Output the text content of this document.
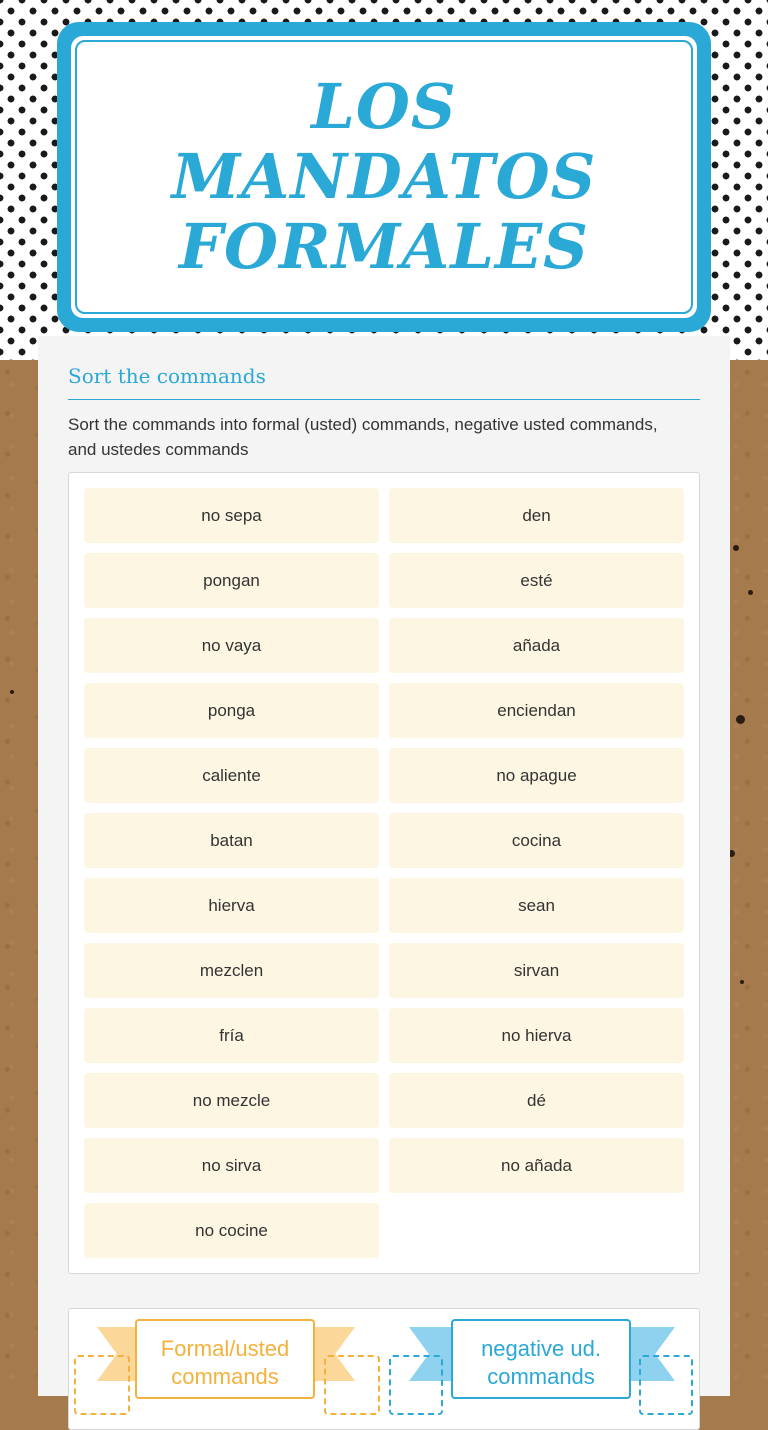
LOS MANDATOS FORMALES
Sort the commands
Sort the commands into formal (usted) commands, negative usted commands, and ustedes commands
no sepa	den
pongan	esté
no vaya	añada
ponga	enciendan
caliente	no apague
batan	cocina
hierva	sean
mezclen	sirvan
fría	no hierva
no mezcle	dé
no sirva	no añada
no cocine
Formal/usted commands
negative ud. commands
